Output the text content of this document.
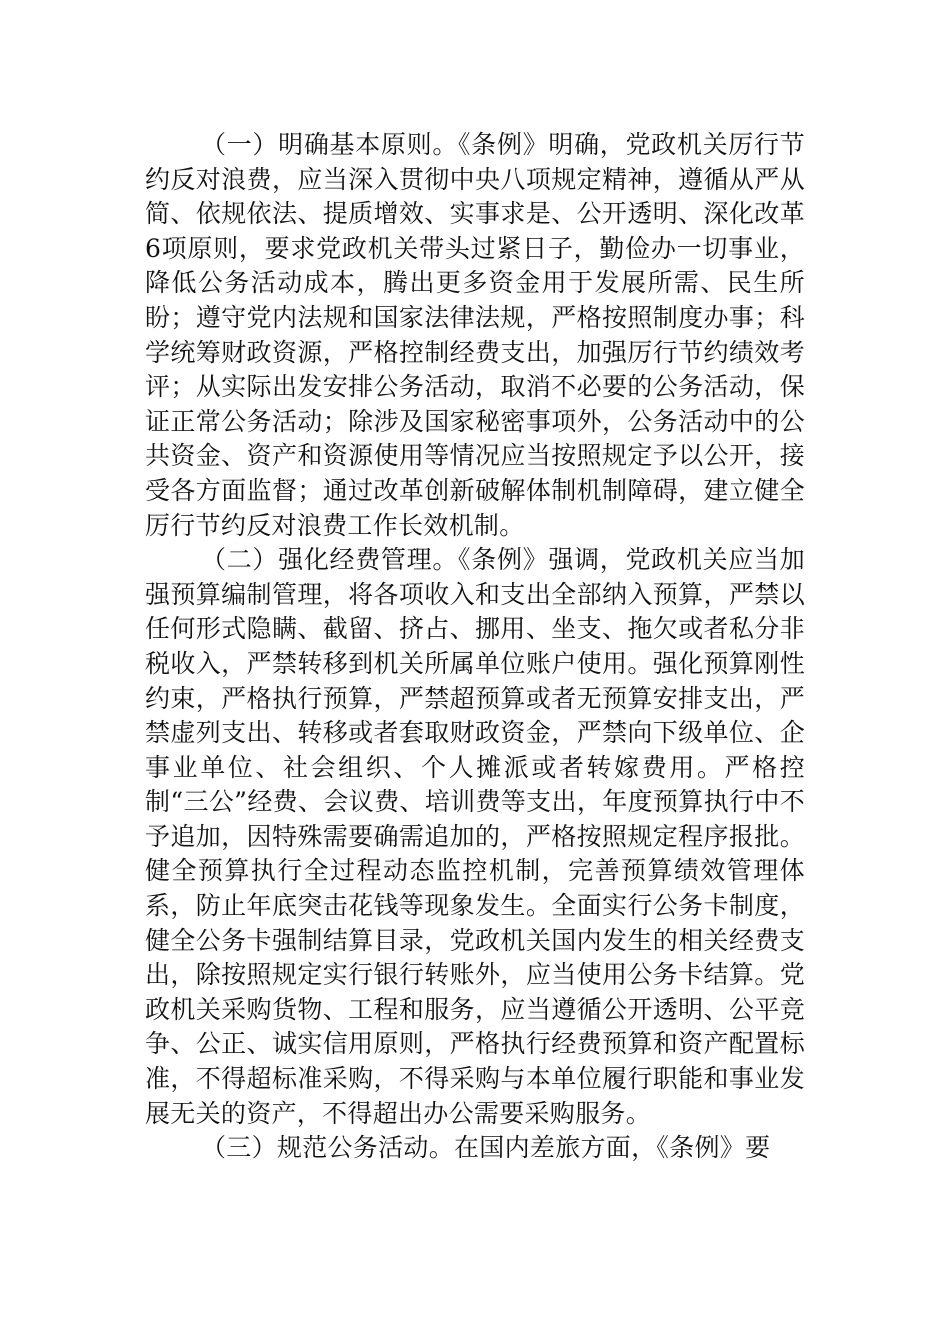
（一）明确基本原则。《条例》明确，党政机关厉行节约反对浪费，应当深入贯彻中央八项规定精神，遵循从严从简、依规依法、提质增效、实事求是、公开透明、深化改革6项原则，要求党政机关带头过紧日子，勤俭办一切事业，降低公务活动成本，腾出更多资金用于发展所需、民生所盼；遵守党内法规和国家法律法规，严格按照制度办事；科学统筹财政资源，严格控制经费支出，加强厉行节约绩效考评；从实际出发安排公务活动，取消不必要的公务活动，保证正常公务活动；除涉及国家秘密事项外，公务活动中的公共资金、资产和资源使用等情况应当按照规定予以公开，接受各方面监督；通过改革创新破解体制机制障碍，建立健全厉行节约反对浪费工作长效机制。

（二）强化经费管理。《条例》强调，党政机关应当加强预算编制管理，将各项收入和支出全部纳入预算，严禁以任何形式隐瞒、截留、挤占、挪用、坐支、拖欠或者私分非税收入，严禁转移到机关所属单位账户使用。强化预算刚性约束，严格执行预算，严禁超预算或者无预算安排支出，严禁虚列支出、转移或者套取财政资金，严禁向下级单位、企事业单位、社会组织、个人摊派或者转嫁费用。严格控制“三公”经费、会议费、培训费等支出，年度预算执行中不予追加，因特殊需要确需追加的，严格按照规定程序报批。健全预算执行全过程动态监控机制，完善预算绩效管理体系，防止年底突击花钱等现象发生。全面实行公务卡制度，健全公务卡强制结算目录，党政机关国内发生的相关经费支出，除按照规定实行银行转账外，应当使用公务卡结算。党政机关采购货物、工程和服务，应当遵循公开透明、公平竞争、公正、诚实信用原则，严格执行经费预算和资产配置标准，不得超标准采购，不得采购与本单位履行职能和事业发展无关的资产，不得超出办公需要采购服务。

（三）规范公务活动。在国内差旅方面，《条例》要
